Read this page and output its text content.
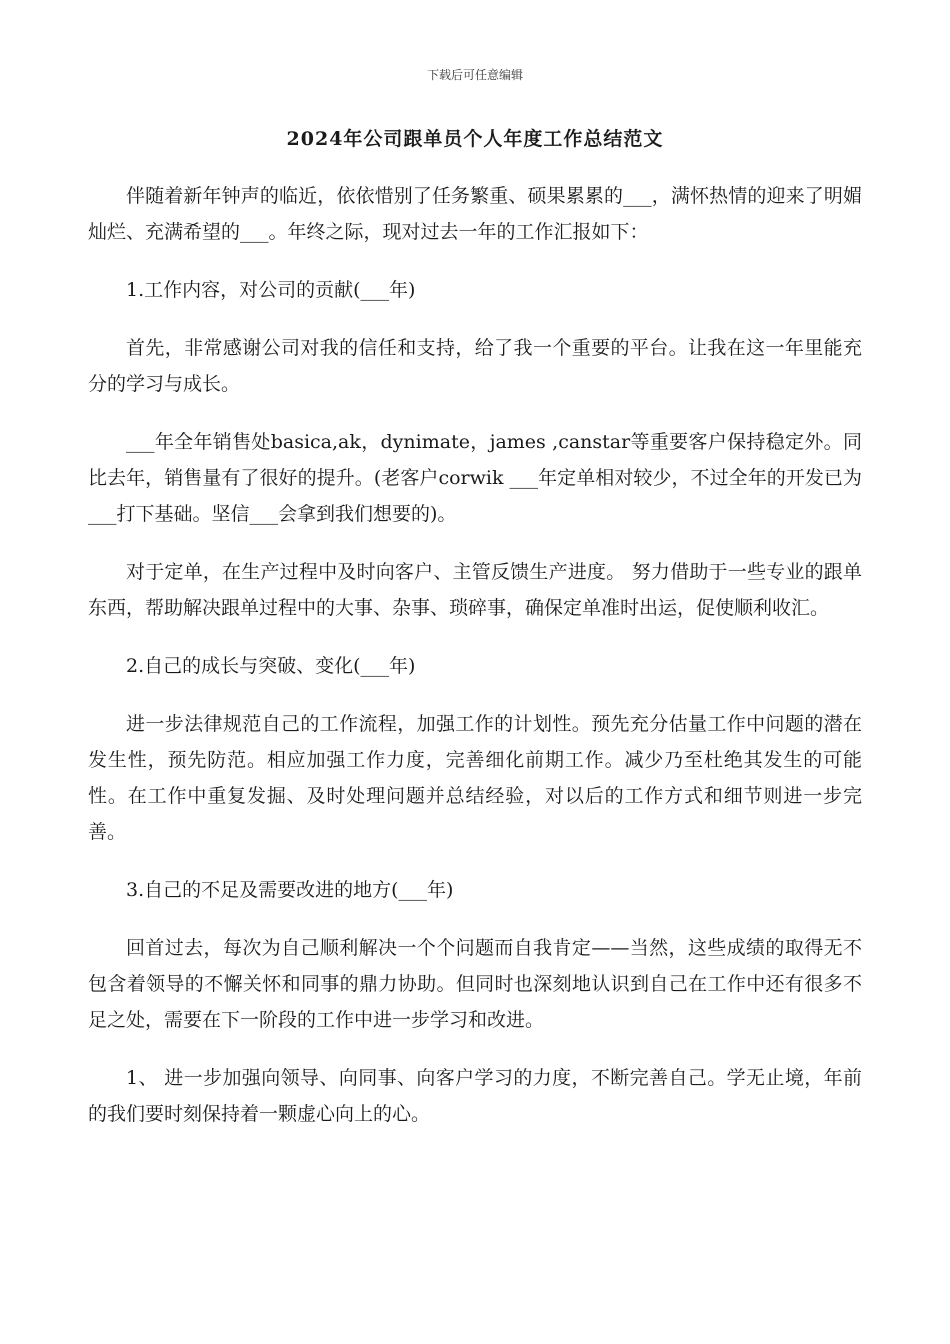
下载后可任意编辑
2024年公司跟单员个人年度工作总结范文

伴随着新年钟声的临近，依依惜别了任务繁重、硕果累累的___，满怀热情的迎来了明媚灿烂、充满希望的___。年终之际，现对过去一年的工作汇报如下：

1.工作内容，对公司的贡献(___年)

首先，非常感谢公司对我的信任和支持，给了我一个重要的平台。让我在这一年里能充分的学习与成长。

___年全年销售处basica,ak，dynimate，james ,canstar等重要客户保持稳定外。同比去年，销售量有了很好的提升。(老客户corwik ___年定单相对较少，不过全年的开发已为___打下基础。坚信___会拿到我们想要的)。

对于定单，在生产过程中及时向客户、主管反馈生产进度。 努力借助于一些专业的跟单东西，帮助解决跟单过程中的大事、杂事、琐碎事，确保定单准时出运，促使顺利收汇。

2.自己的成长与突破、变化(___年)

进一步法律规范自己的工作流程，加强工作的计划性。预先充分估量工作中问题的潜在发生性，预先防范。相应加强工作力度，完善细化前期工作。减少乃至杜绝其发生的可能性。在工作中重复发掘、及时处理问题并总结经验，对以后的工作方式和细节则进一步完善。

3.自己的不足及需要改进的地方(___年)

回首过去，每次为自己顺利解决一个个问题而自我肯定——当然，这些成绩的取得无不包含着领导的不懈关怀和同事的鼎力协助。但同时也深刻地认识到自己在工作中还有很多不足之处，需要在下一阶段的工作中进一步学习和改进。

1、 进一步加强向领导、向同事、向客户学习的力度，不断完善自己。学无止境，年前的我们要时刻保持着一颗虚心向上的心。
